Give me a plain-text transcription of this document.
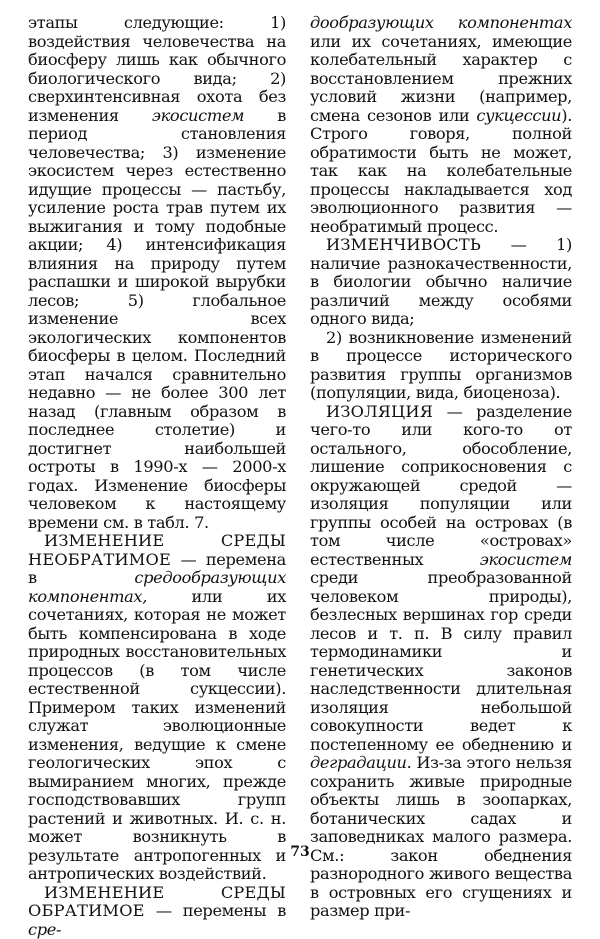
этапы следующие: 1) воздействия человечества на биосферу лишь как обычного биологического вида; 2) сверхинтенсивная охота без изменения экосистем в период становления человечества; 3) изменение экосистем через естественно идущие процессы — пастьбу, усиление роста трав путем их выжигания и тому подобные акции; 4) интенсификация влияния на природу путем распашки и широкой вырубки лесов; 5) глобальное изменение всех экологических компонентов биосферы в целом. Последний этап начался сравнительно недавно — не более 300 лет назад (главным образом в последнее столетие) и достигнет наибольшей остроты в 1990-х — 2000-х годах. Изменение биосферы человеком к настоящему времени см. в табл. 7.

ИЗМЕНЕНИЕ СРЕДЫ НЕОБРАТИМОЕ — перемена в средообразующих компонентах, или их сочетаниях, которая не может быть компенсирована в ходе природных восстановительных процессов (в том числе естественной сукцессии). Примером таких изменений служат эволюционные изменения, ведущие к смене геологических эпох с вымиранием многих, прежде господствовавших групп растений и животных. И. с. н. может возникнуть в результате антропогенных и антропических воздействий.

ИЗМЕНЕНИЕ СРЕДЫ ОБРАТИМОЕ — перемены в сре-

дообразующих компонентах или их сочетаниях, имеющие колебательный характер с восстановлением прежних условий жизни (например, смена сезонов или сукцессии). Строго говоря, полной обратимости быть не может, так как на колебательные процессы накладывается ход эволюционного развития — необратимый процесс.

ИЗМЕНЧИВОСТЬ — 1) наличие разнокачественности, в биологии обычно наличие различий между особями одного вида;

2) возникновение изменений в процессе исторического развития группы организмов (популяции, вида, биоценоза).

ИЗОЛЯЦИЯ — разделение чего-то или кого-то от остального, обособление, лишение соприкосновения с окружающей средой — изоляция популяции или группы особей на островах (в том числе «островах» естественных экосистем среди преобразованной человеком природы), безлесных вершинах гор среди лесов и т. п. В силу правил термодинамики и генетических законов наследственности длительная изоляция небольшой совокупности ведет к постепенному ее обеднению и деградации. Из-за этого нельзя сохранить живые природные объекты лишь в зоопарках, ботанических садах и заповедниках малого размера. См.: закон обеднения разнородного живого вещества в островных его сгущениях и размер при-

73
